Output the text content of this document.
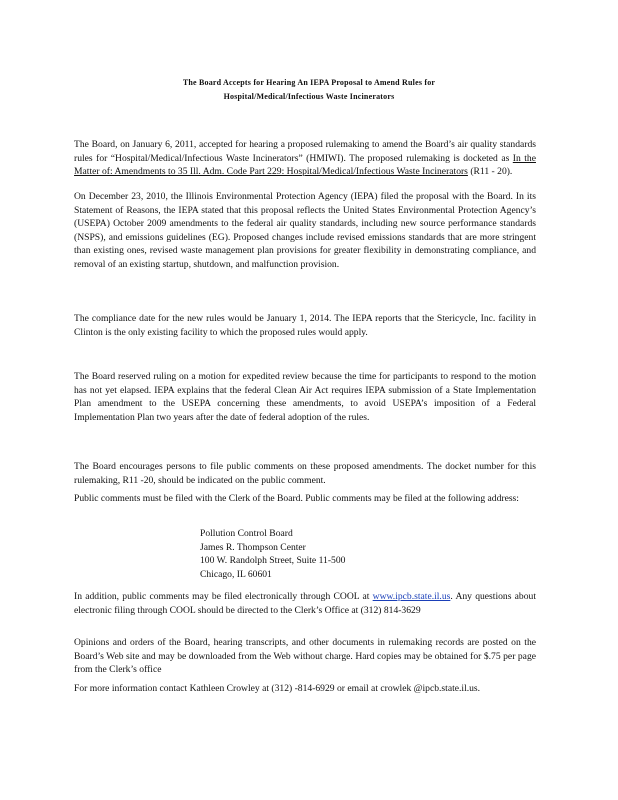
The Board Accepts for Hearing An IEPA Proposal to Amend Rules for
Hospital/Medical/Infectious Waste Incinerators

The Board, on January 6, 2011, accepted for hearing a proposed rulemaking to amend the Board’s air quality standards rules for “Hospital/Medical/Infectious Waste Incinerators” (HMIWI). The proposed rulemaking is docketed as In the Matter of: Amendments to 35 Ill. Adm. Code Part 229: Hospital/Medical/Infectious Waste Incinerators (R11 - 20).

On December 23, 2010, the Illinois Environmental Protection Agency (IEPA) filed the proposal with the Board. In its Statement of Reasons, the IEPA stated that this proposal reflects the United States Environmental Protection Agency’s (USEPA) October 2009 amendments to the federal air quality standards, including new source performance standards (NSPS), and emissions guidelines (EG). Proposed changes include revised emissions standards that are more stringent than existing ones, revised waste management plan provisions for greater flexibility in demonstrating compliance, and removal of an existing startup, shutdown, and malfunction provision.

The compliance date for the new rules would be January 1, 2014. The IEPA reports that the Stericycle, Inc. facility in Clinton is the only existing facility to which the proposed rules would apply.

The Board reserved ruling on a motion for expedited review because the time for participants to respond to the motion has not yet elapsed. IEPA explains that the federal Clean Air Act requires IEPA submission of a State Implementation Plan amendment to the USEPA concerning these amendments, to avoid USEPA’s imposition of a Federal Implementation Plan two years after the date of federal adoption of the rules.

The Board encourages persons to file public comments on these proposed amendments. The docket number for this rulemaking, R11 -20, should be indicated on the public comment.

Public comments must be filed with the Clerk of the Board. Public comments may be filed at the following address:

Pollution Control Board
James R. Thompson Center
100 W. Randolph Street, Suite 11-500
Chicago, IL 60601

In addition, public comments may be filed electronically through COOL at www.ipcb.state.il.us. Any questions about electronic filing through COOL should be directed to the Clerk’s Office at (312) 814-3629

Opinions and orders of the Board, hearing transcripts, and other documents in rulemaking records are posted on the Board’s Web site and may be downloaded from the Web without charge. Hard copies may be obtained for $.75 per page from the Clerk’s office

For more information contact Kathleen Crowley at (312) -814-6929 or email at crowlek @ipcb.state.il.us.
